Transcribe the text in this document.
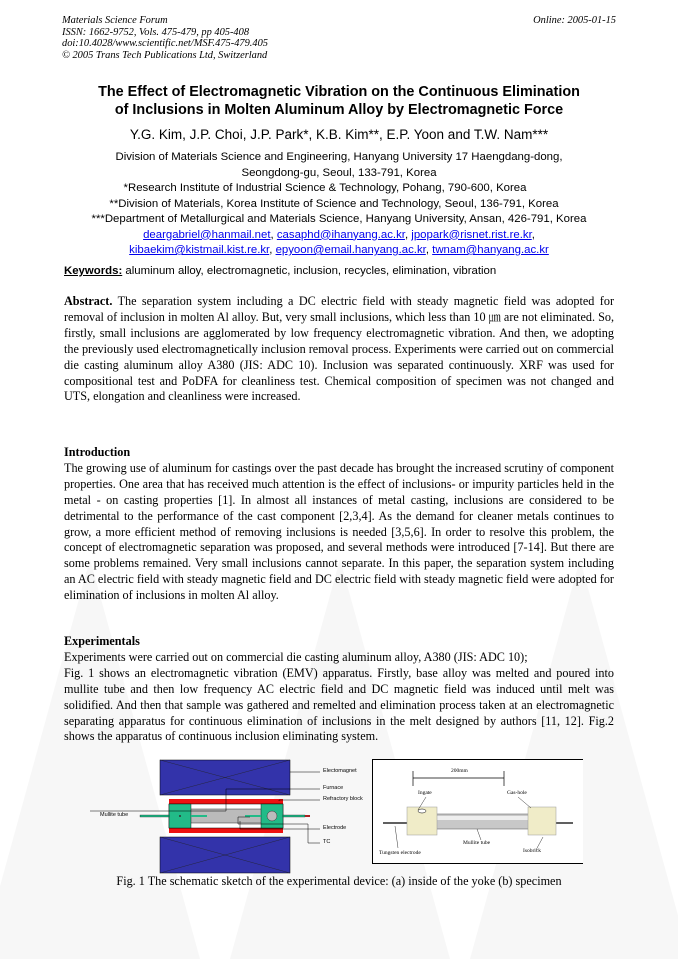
Materials Science Forum
ISSN: 1662-9752, Vols. 475-479, pp 405-408
doi:10.4028/www.scientific.net/MSF.475-479.405
© 2005 Trans Tech Publications Ltd, Switzerland
Online: 2005-01-15
The Effect of Electromagnetic Vibration on the Continuous Elimination
of Inclusions in Molten Aluminum Alloy by Electromagnetic Force
Y.G. Kim, J.P. Choi, J.P. Park*, K.B. Kim**, E.P. Yoon and T.W. Nam***
Division of Materials Science and Engineering, Hanyang University 17 Haengdang-dong,
Seongdong-gu, Seoul, 133-791, Korea
*Research Institute of Industrial Science & Technology, Pohang, 790-600, Korea
**Division of Materials, Korea Institute of Science and Technology, Seoul, 136-791, Korea
***Department of Metallurgical and Materials Science, Hanyang University, Ansan, 426-791, Korea
deargabriel@hanmail.net, casaphd@ihanyang.ac.kr, jpopark@risnet.rist.re.kr,
kibaekim@kistmail.kist.re.kr, epyoon@email.hanyang.ac.kr, twnam@hanyang.ac.kr
Keywords: aluminum alloy, electromagnetic, inclusion, recycles, elimination, vibration
Abstract. The separation system including a DC electric field with steady magnetic field was adopted for removal of inclusion in molten Al alloy. But, very small inclusions, which less than 10 ㎛ are not eliminated. So, firstly, small inclusions are agglomerated by low frequency electromagnetic vibration. And then, we adopting the previously used electromagnetically inclusion removal process. Experiments were carried out on commercial die casting aluminum alloy A380 (JIS: ADC 10). Inclusion was separated continuously. XRF was used for compositional test and PoDFA for cleanliness test. Chemical composition of specimen was not changed and UTS, elongation and cleanliness were increased.
Introduction
The growing use of aluminum for castings over the past decade has brought the increased scrutiny of component properties. One area that has received much attention is the effect of inclusions- or impurity particles held in the metal - on casting properties [1]. In almost all instances of metal casting, inclusions are considered to be detrimental to the performance of the cast component [2,3,4]. As the demand for cleaner metals continues to grow, a more efficient method of removing inclusions is needed [3,5,6]. In order to resolve this problem, the concept of electromagnetic separation was proposed, and several methods were introduced [7-14]. But there are some problems remained. Very small inclusions cannot separate. In this paper, the separation system including an AC electric field with steady magnetic field and DC electric field with steady magnetic field were adopted for elimination of inclusions in molten Al alloy.
Experimentals
Experiments were carried out on commercial die casting aluminum alloy, A380 (JIS: ADC 10);
Fig. 1 shows an electromagnetic vibration (EMV) apparatus. Firstly, base alloy was melted and poured into mullite tube and then low frequency AC electric field and DC magnetic field was induced until melt was solidified. And then that sample was gathered and remelted and elimination process taken at an electromagnetic separating apparatus for continuous elimination of inclusions in the melt designed by authors [11, 12]. Fig.2 shows the apparatus of continuous inclusion eliminating system.
Electomagnet
Furnace
Refractory block
Mullite tube
Electrode
TC
200mm
Ingate	Gas-hole
Mullite tube
Tungsten electrode	Isobrick
Fig. 1 The schematic sketch of the experimental device: (a) inside of the yoke (b) specimen
